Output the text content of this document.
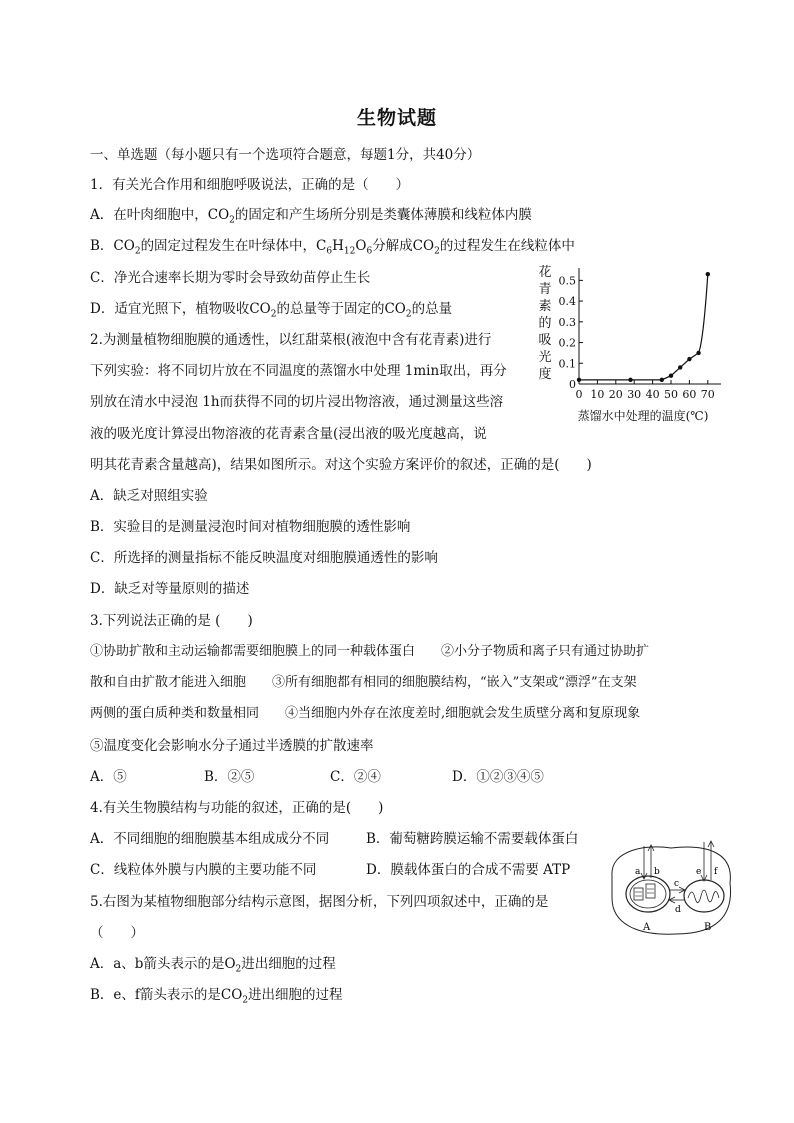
生物试题
一、单选题（每小题只有一个选项符合题意，每题1分，共40分）
1．有关光合作用和细胞呼吸说法，正确的是（　　）
A．在叶肉细胞中，$CO_2$的固定和产生场所分别是类囊体薄膜和线粒体内膜
B．$CO_2$的固定过程发生在叶绿体中，$C_6H_{12}O_6$分解成$CO_2$的过程发生在线粒体中
C．净光合速率长期为零时会导致幼苗停止生长
D．适宜光照下，植物吸收$CO_2$的总量等于固定的$CO_2$的总量
2.为测量植物细胞膜的通透性，以红甜菜根(液泡中含有花青素)进行
下列实验：将不同切片放在不同温度的蒸馏水中处理 1min取出，再分
别放在清水中浸泡 1h而获得不同的切片浸出物溶液，通过测量这些溶
液的吸光度计算浸出物溶液的花青素含量(浸出液的吸光度越高，说
明其花青素含量越高)，结果如图所示。对这个实验方案评价的叙述，正确的是(　　)
A．缺乏对照组实验
B．实验目的是测量浸泡时间对植物细胞膜的透性影响
C．所选择的测量指标不能反映温度对细胞膜通透性的影响
D．缺乏对等量原则的描述
3.下列说法正确的是 (　　)
①协助扩散和主动运输都需要细胞膜上的同一种载体蛋白　　②小分子物质和离子只有通过协助扩
散和自由扩散才能进入细胞　　③所有细胞都有相同的细胞膜结构，“嵌入”支架或“漂浮”在支架
两侧的蛋白质种类和数量相同　　④当细胞内外存在浓度差时,细胞就会发生质壁分离和复原现象
⑤温度变化会影响水分子通过半透膜的扩散速率
A．⑤	B．②⑤	C．②④	D．①②③④⑤
4.有关生物膜结构与功能的叙述，正确的是(　　)
A．不同细胞的细胞膜基本组成成分不同	B．葡萄糖跨膜运输不需要载体蛋白
C．线粒体外膜与内膜的主要功能不同	D．膜载体蛋白的合成不需要 ATP
5.右图为某植物细胞部分结构示意图，据图分析，下列四项叙述中，正确的是
（　　）
A．a、b箭头表示的是$O_2$进出细胞的过程
B．e、f箭头表示的是$CO_2$进出细胞的过程
花
青
素
的
吸
光
度
0
0.1
0.2
0.3
0.4
0.5
0 10 20 30 40 50 60 70
蒸馏水中处理的温度(℃)
a b
c
d
e f
A	B
